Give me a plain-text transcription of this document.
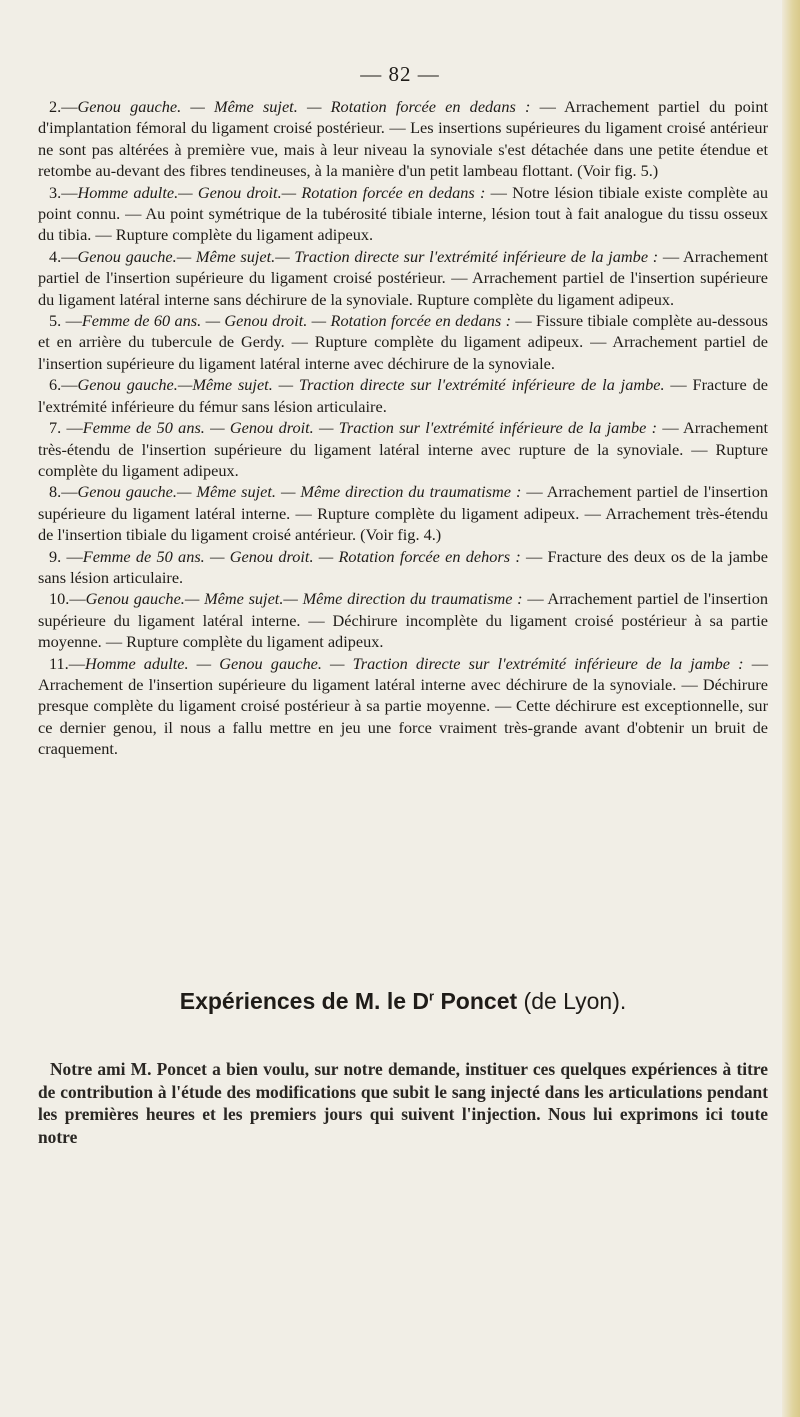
— 82 —

2.—Genou gauche. — Même sujet. — Rotation forcée en dedans : — Arrachement partiel du point d'implantation fémoral du ligament croisé postérieur. — Les insertions supérieures du ligament croisé antérieur ne sont pas altérées à première vue, mais à leur niveau la synoviale s'est détachée dans une petite étendue et retombe au-devant des fibres tendineuses, à la manière d'un petit lambeau flottant. (Voir fig. 5.)

3.—Homme adulte.— Genou droit.— Rotation forcée en dedans : — Notre lésion tibiale existe complète au point connu. — Au point symétrique de la tubérosité tibiale interne, lésion tout à fait analogue du tissu osseux du tibia. — Rupture complète du ligament adipeux.

4.—Genou gauche.— Même sujet.— Traction directe sur l'extrémité inférieure de la jambe : — Arrachement partiel de l'insertion supérieure du ligament croisé postérieur. — Arrachement partiel de l'insertion supérieure du ligament latéral interne sans déchirure de la synoviale. Rupture complète du ligament adipeux.

5. —Femme de 60 ans. — Genou droit. — Rotation forcée en dedans : — Fissure tibiale complète au-dessous et en arrière du tubercule de Gerdy. — Rupture complète du ligament adipeux. — Arrachement partiel de l'insertion supérieure du ligament latéral interne avec déchirure de la synoviale.

6.—Genou gauche.—Même sujet. — Traction directe sur l'extrémité inférieure de la jambe. — Fracture de l'extrémité inférieure du fémur sans lésion articulaire.

7. —Femme de 50 ans. — Genou droit. — Traction sur l'extrémité inférieure de la jambe : — Arrachement très-étendu de l'insertion supérieure du ligament latéral interne avec rupture de la synoviale. — Rupture complète du ligament adipeux.

8.—Genou gauche.— Même sujet. — Même direction du traumatisme : — Arrachement partiel de l'insertion supérieure du ligament latéral interne. — Rupture complète du ligament adipeux. — Arrachement très-étendu de l'insertion tibiale du ligament croisé antérieur. (Voir fig. 4.)

9. —Femme de 50 ans. — Genou droit. — Rotation forcée en dehors : — Fracture des deux os de la jambe sans lésion articulaire.

10.—Genou gauche.— Même sujet.— Même direction du traumatisme : — Arrachement partiel de l'insertion supérieure du ligament latéral interne. — Déchirure incomplète du ligament croisé postérieur à sa partie moyenne. — Rupture complète du ligament adipeux.

11.—Homme adulte. — Genou gauche. — Traction directe sur l'extrémité inférieure de la jambe : — Arrachement de l'insertion supérieure du ligament latéral interne avec déchirure de la synoviale. — Déchirure presque complète du ligament croisé postérieur à sa partie moyenne. — Cette déchirure est exceptionnelle, sur ce dernier genou, il nous a fallu mettre en jeu une force vraiment très-grande avant d'obtenir un bruit de craquement.

Expériences de M. le $D^r$ Poncet (de Lyon).

Notre ami M. Poncet a bien voulu, sur notre demande, instituer ces quelques expériences à titre de contribution à l'étude des modifications que subit le sang injecté dans les articulations pendant les premières heures et les premiers jours qui suivent l'injection. Nous lui exprimons ici toute notre
